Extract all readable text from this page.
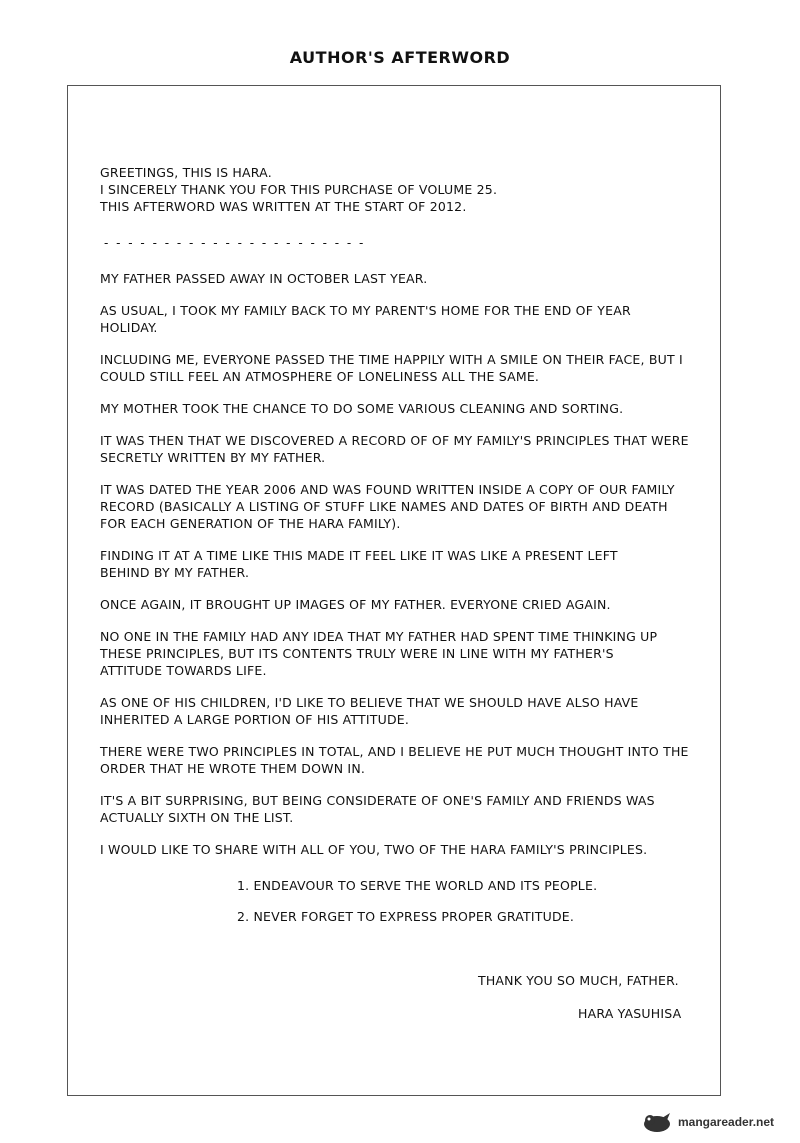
AUTHOR'S AFTERWORD

GREETINGS, THIS IS HARA.

I SINCERELY THANK YOU FOR THIS PURCHASE OF VOLUME 25.

THIS AFTERWORD WAS WRITTEN AT THE START OF 2012.

- - - - - - - - - - - - - - - - - - - - - -

MY FATHER PASSED AWAY IN OCTOBER LAST YEAR.

AS USUAL, I TOOK MY FAMILY BACK TO MY PARENT'S HOME FOR THE END OF YEAR HOLIDAY.

INCLUDING ME, EVERYONE PASSED THE TIME HAPPILY WITH A SMILE ON THEIR FACE, BUT I COULD STILL FEEL AN ATMOSPHERE OF LONELINESS ALL THE SAME.

MY MOTHER TOOK THE CHANCE TO DO SOME VARIOUS CLEANING AND SORTING.

IT WAS THEN THAT WE DISCOVERED A RECORD OF OF MY FAMILY'S PRINCIPLES THAT WERE SECRETLY WRITTEN BY MY FATHER.

IT WAS DATED THE YEAR 2006 AND WAS FOUND WRITTEN INSIDE A COPY OF OUR FAMILY RECORD (BASICALLY A LISTING OF STUFF LIKE NAMES AND DATES OF BIRTH AND DEATH FOR EACH GENERATION OF THE HARA FAMILY).

FINDING IT AT A TIME LIKE THIS MADE IT FEEL LIKE IT WAS LIKE A PRESENT LEFT BEHIND BY MY FATHER.

ONCE AGAIN, IT BROUGHT UP IMAGES OF MY FATHER. EVERYONE CRIED AGAIN.

NO ONE IN THE FAMILY HAD ANY IDEA THAT MY FATHER HAD SPENT TIME THINKING UP THESE PRINCIPLES, BUT ITS CONTENTS TRULY WERE IN LINE WITH MY FATHER'S ATTITUDE TOWARDS LIFE.

AS ONE OF HIS CHILDREN, I'D LIKE TO BELIEVE THAT WE SHOULD HAVE ALSO HAVE INHERITED A LARGE PORTION OF HIS ATTITUDE.

THERE WERE TWO PRINCIPLES IN TOTAL, AND I BELIEVE HE PUT MUCH THOUGHT INTO THE ORDER THAT HE WROTE THEM DOWN IN.

IT'S A BIT SURPRISING, BUT BEING CONSIDERATE OF ONE'S FAMILY AND FRIENDS WAS ACTUALLY SIXTH ON THE LIST.

I WOULD LIKE TO SHARE WITH ALL OF YOU, TWO OF THE HARA FAMILY'S PRINCIPLES.

1. ENDEAVOUR TO SERVE THE WORLD AND ITS PEOPLE.
2. NEVER FORGET TO EXPRESS PROPER GRATITUDE.
THANK YOU SO MUCH, FATHER.
HARA YASUHISA
mangareader.net
